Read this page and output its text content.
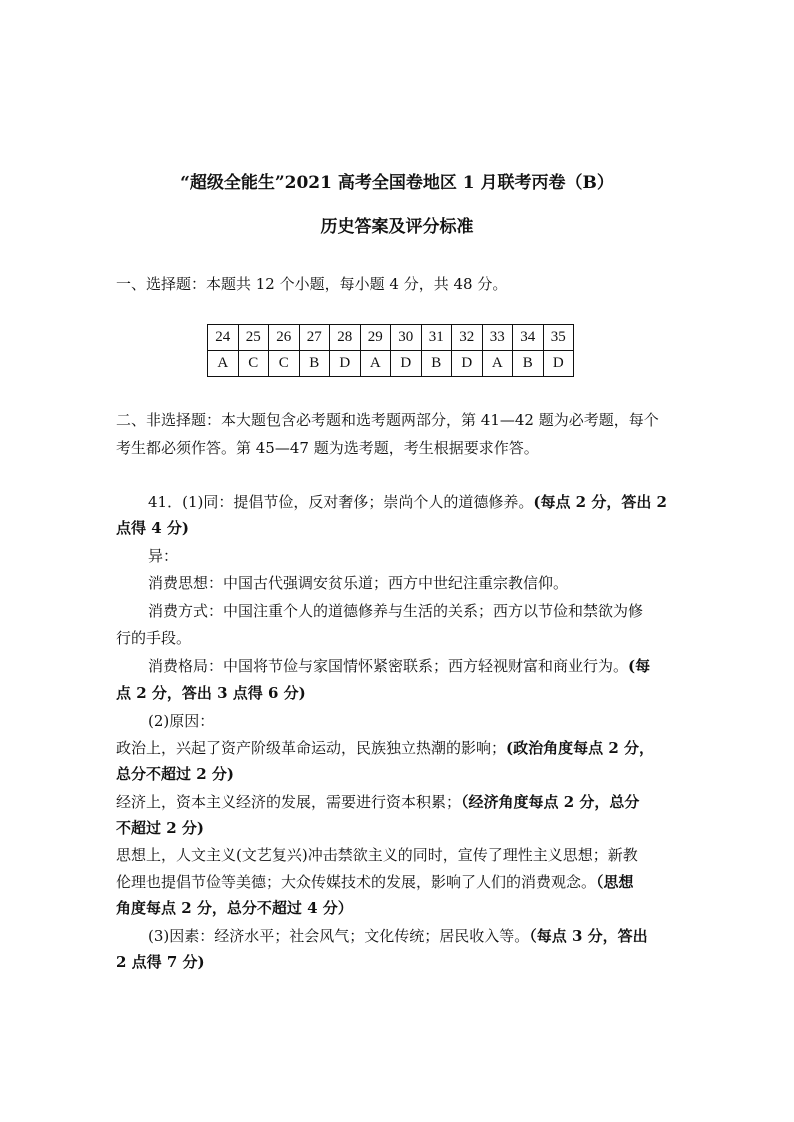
“超级全能生”2021 高考全国卷地区 1 月联考丙卷（B）
历史答案及评分标准
一、选择题：本题共 12 个小题，每小题 4 分，共 48 分。
24	25	26	27	28	29	30	31	32	33	34	35
A	C	C	B	D	A	D	B	D	A	B	D
二、非选择题：本大题包含必考题和选考题两部分，第 41—42 题为必考题，每个
考生都必须作答。第 45—47 题为选考题，考生根据要求作答。
41．(1)同：提倡节俭，反对奢侈；崇尚个人的道德修养。(每点 2 分，答出 2
点得 4 分)
异：
消费思想：中国古代强调安贫乐道；西方中世纪注重宗教信仰。
消费方式：中国注重个人的道德修养与生活的关系；西方以节俭和禁欲为修
行的手段。
消费格局：中国将节俭与家国情怀紧密联系；西方轻视财富和商业行为。(每
点 2 分，答出 3 点得 6 分)
(2)原因：
政治上，兴起了资产阶级革命运动，民族独立热潮的影响；(政治角度每点 2 分，
总分不超过 2 分)
经济上，资本主义经济的发展，需要进行资本积累；（经济角度每点 2 分，总分
不超过 2 分)
思想上，人文主义(文艺复兴)冲击禁欲主义的同时，宣传了理性主义思想；新教
伦理也提倡节俭等美德；大众传媒技术的发展，影响了人们的消费观念。（思想
角度每点 2 分，总分不超过 4 分）
(3)因素：经济水平；社会风气；文化传统；居民收入等。（每点 3 分，答出
2 点得 7 分)
